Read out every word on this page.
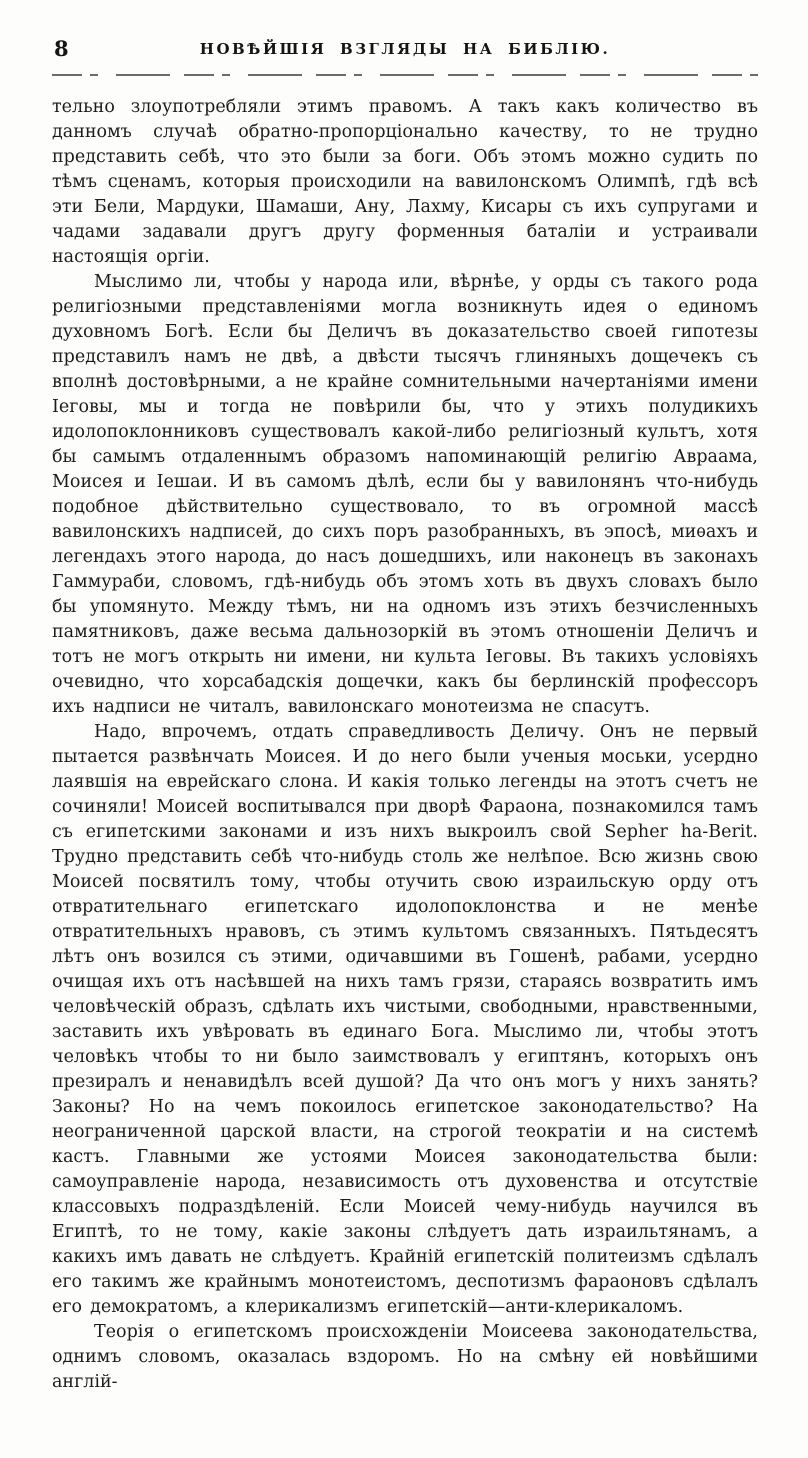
8	НОВѢЙШІЯ ВЗГЛЯДЫ НА БИБЛІЮ.

тельно злоупотребляли этимъ правомъ. А такъ какъ количество въ данномъ случаѣ обратно-пропорціонально качеству, то не трудно представить себѣ, что это были за боги. Объ этомъ можно судить по тѣмъ сценамъ, которыя происходили на вавилонскомъ Олимпѣ, гдѣ всѣ эти Бели, Мардуки, Шамаши, Ану, Лахму, Кисары съ ихъ супругами и чадами задавали другъ другу форменныя баталіи и устраивали настоящія оргіи.

Мыслимо ли, чтобы у народа или, вѣрнѣе, у орды съ такого рода религіозными представленіями могла возникнуть идея о единомъ духовномъ Богѣ. Если бы Деличъ въ доказательство своей гипотезы представилъ намъ не двѣ, а двѣсти тысячъ глиняныхъ дощечекъ съ вполнѣ достовѣрными, а не крайне сомнительными начертаніями имени Іеговы, мы и тогда не повѣрили бы, что у этихъ полудикихъ идолопоклонниковъ существовалъ какой-либо религіозный культъ, хотя бы самымъ отдаленнымъ образомъ напоминающій религію Авраама, Моисея и Іешаи. И въ самомъ дѣлѣ, если бы у вавилонянъ что-нибудь подобное дѣйствительно существовало, то въ огромной массѣ вавилонскихъ надписей, до сихъ поръ разобранныхъ, въ эпосѣ, миѳахъ и легендахъ этого народа, до насъ дошедшихъ, или наконецъ въ законахъ Гаммураби, словомъ, гдѣ-нибудь объ этомъ хоть въ двухъ словахъ было бы упомянуто. Между тѣмъ, ни на одномъ изъ этихъ безчисленныхъ памятниковъ, даже весьма дальнозоркій въ этомъ отношеніи Деличъ и тотъ не могъ открыть ни имени, ни культа Іеговы. Въ такихъ условіяхъ очевидно, что хорсабадскія дощечки, какъ бы берлинскій профессоръ ихъ надписи не читалъ, вавилонскаго монотеизма не спасутъ.

Надо, впрочемъ, отдать справедливость Деличу. Онъ не первый пытается развѣнчать Моисея. И до него были ученыя моськи, усердно лаявшія на еврейскаго слона. И какія только легенды на этотъ счетъ не сочиняли! Моисей воспитывался при дворѣ Фараона, познакомился тамъ съ египетскими законами и изъ нихъ выкроилъ свой Sepher ha-Berit. Трудно представить себѣ что-нибудь столь же нелѣпое. Всю жизнь свою Моисей посвятилъ тому, чтобы отучить свою израильскую орду отъ отвратительнаго египетскаго идолопоклонства и не менѣе отвратительныхъ нравовъ, съ этимъ культомъ связанныхъ. Пятьдесятъ лѣтъ онъ возился съ этими, одичавшими въ Гошенѣ, рабами, усердно очищая ихъ отъ насѣвшей на нихъ тамъ грязи, стараясь возвратить имъ человѣческій образъ, сдѣлать ихъ чистыми, свободными, нравственными, заставить ихъ увѣровать въ единаго Бога. Мыслимо ли, чтобы этотъ человѣкъ чтобы то ни было заимствовалъ у египтянъ, которыхъ онъ презиралъ и ненавидѣлъ всей душой? Да что онъ могъ у нихъ занять? Законы? Но на чемъ покоилось египетское законодательство? На неограниченной царской власти, на строгой теократіи и на системѣ кастъ. Главными же устоями Моисея законодательства были: самоуправленіе народа, независимость отъ духовенства и отсутствіе классовыхъ подраздѣленій. Если Моисей чему-нибудь научился въ Египтѣ, то не тому, какіе законы слѣдуетъ дать израильтянамъ, а какихъ имъ давать не слѣдуетъ. Крайній египетскій политеизмъ сдѣлалъ его такимъ же крайнымъ монотеистомъ, деспотизмъ фараоновъ сдѣлалъ его демократомъ, а клерикализмъ египетскій—анти-клерикаломъ.

Теорія о египетскомъ происхожденіи Моисеева законодательства, однимъ словомъ, оказалась вздоромъ. Но на смѣну ей новѣйшими англій-
